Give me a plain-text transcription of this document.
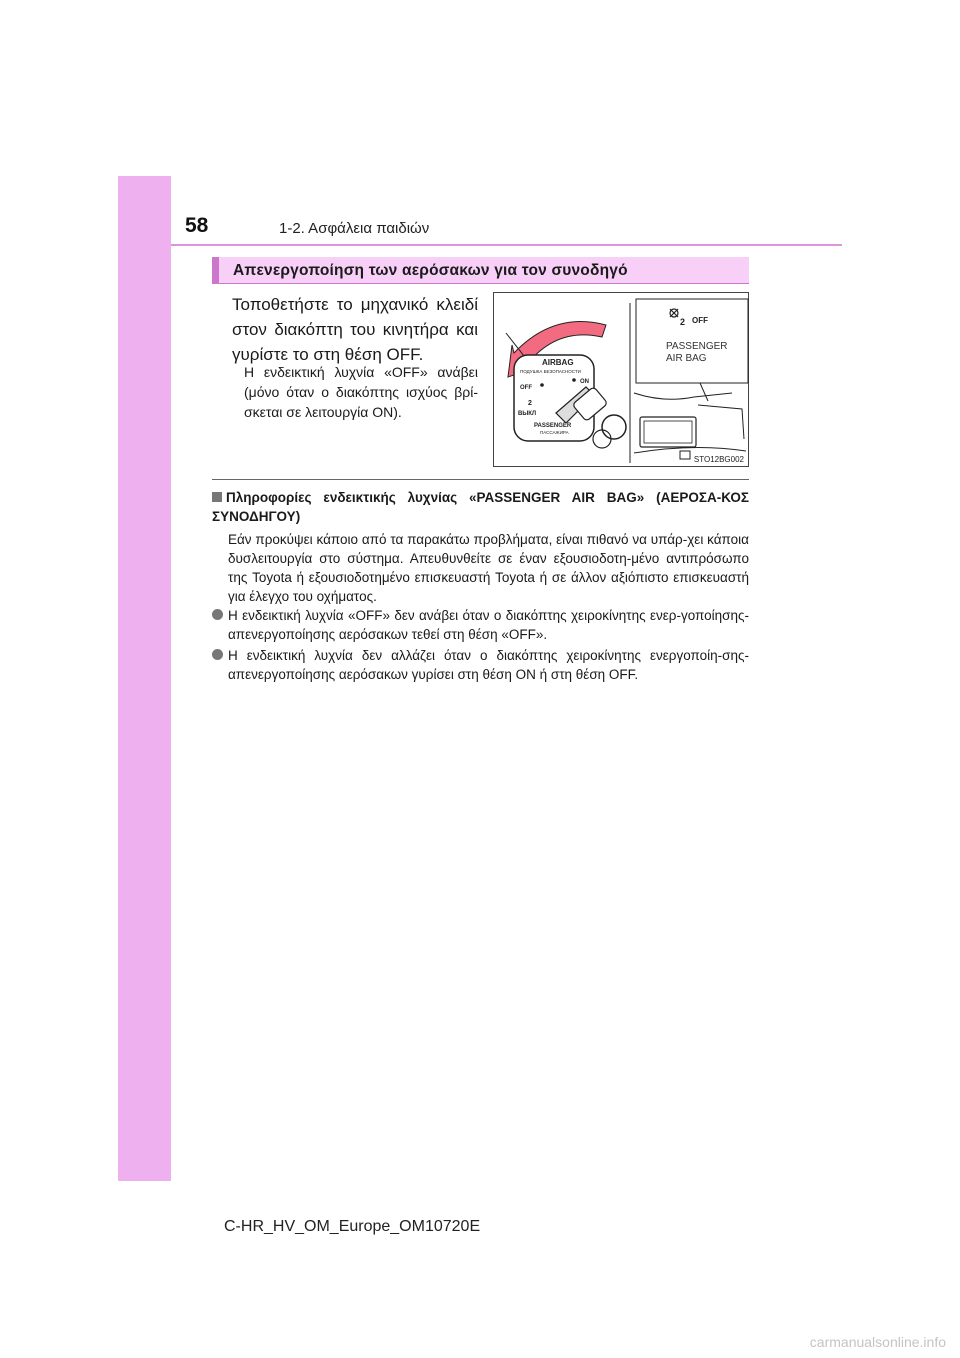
58	1-2. Ασφάλεια παιδιών
Απενεργοποίηση των αερόσακων για τον συνοδηγό

Τοποθετήστε το μηχανικό κλειδί στον διακόπτη του κινητήρα και γυρίστε το στη θέση OFF.

Η ενδεικτική λυχνία «OFF» ανάβει (μόνο όταν ο διακόπτης ισχύος βρί-σκεται σε λειτουργία ON).

AIRBAG
ПОДУШКА БЕЗОПАСНОСТИ
OFF
ON
2
ВЫКЛ
PASSENGER
ПАССАЖИРА
2 OFF
PASSENGER
AIR BAG
STO12BG002

Πληροφορίες ενδεικτικής λυχνίας «PASSENGER AIR BAG» (ΑΕΡΟΣΑ-ΚΟΣ ΣΥΝΟΔΗΓΟΥ)

Εάν προκύψει κάποιο από τα παρακάτω προβλήματα, είναι πιθανό να υπάρ-χει κάποια δυσλειτουργία στο σύστημα. Απευθυνθείτε σε έναν εξουσιοδοτη-μένο αντιπρόσωπο της Toyota ή εξουσιοδοτημένο επισκευαστή Toyota ή σε άλλον αξιόπιστο επισκευαστή για έλεγχο του οχήματος.

Η ενδεικτική λυχνία «OFF» δεν ανάβει όταν ο διακόπτης χειροκίνητης ενερ-γοποίησης-απενεργοποίησης αερόσακων τεθεί στη θέση «OFF».
Η ενδεικτική λυχνία δεν αλλάζει όταν ο διακόπτης χειροκίνητης ενεργοποίη-σης-απενεργοποίησης αερόσακων γυρίσει στη θέση ON ή στη θέση OFF.
C-HR_HV_OM_Europe_OM10720E
carmanualsonline.info
